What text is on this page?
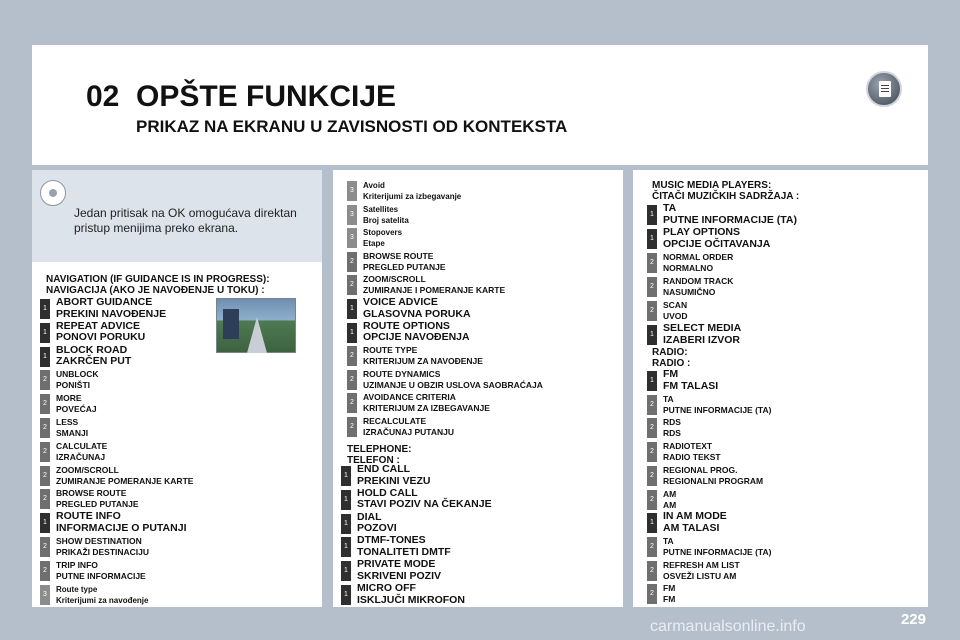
02 OPŠTE FUNKCIJE
PRIKAZ NA EKRANU U ZAVISNOSTI OD KONTEKSTA
Jedan pritisak na OK omogućava direktan pristup menijima preko ekrana.
NAVIGATION (IF GUIDANCE IS IN PROGRESS):
NAVIGACIJA (AKO JE NAVOĐENJE U TOKU) :
1
ABORT GUIDANCE
PREKINI NAVOĐENJE
1
REPEAT ADVICE
PONOVI PORUKU
1
BLOCK ROAD
ZAKRČEN PUT
2
UNBLOCK
PONIŠTI
2
MORE
POVEĆAJ
2
LESS
SMANJI
2
CALCULATE
IZRAČUNAJ
2
ZOOM/SCROLL
ZUMIRANJE POMERANJE KARTE
2
BROWSE ROUTE
PREGLED PUTANJE
1
ROUTE INFO
INFORMACIJE O PUTANJI
2
SHOW DESTINATION
PRIKAŽI DESTINACIJU
2
TRIP INFO
PUTNE INFORMACIJE
3
Route type
Kriterijumi za navođenje
3
Avoid
Kriterijumi za izbegavanje
3
Satellites
Broj satelita
3
Stopovers
Etape
2
BROWSE ROUTE
PREGLED PUTANJE
2
ZOOM/SCROLL
ZUMIRANJE I POMERANJE KARTE
1
VOICE ADVICE
GLASOVNA PORUKA
1
ROUTE OPTIONS
OPCIJE NAVOĐENJA
2
ROUTE TYPE
KRITERIJUM ZA NAVOĐENJE
2
ROUTE DYNAMICS
UZIMANJE U OBZIR USLOVA SAOBRAĆAJA
2
AVOIDANCE CRITERIA
KRITERIJUM ZA IZBEGAVANJE
2
RECALCULATE
IZRAČUNAJ PUTANJU
TELEPHONE:
TELEFON :
1
END CALL
PREKINI VEZU
1
HOLD CALL
STAVI POZIV NA ČEKANJE
1
DIAL
POZOVI
1
DTMF-TONES
TONALITETI DMTF
1
PRIVATE MODE
SKRIVENI POZIV
1
MICRO OFF
ISKLJUČI MIKROFON
MUSIC MEDIA PLAYERS:
ČITAČI MUZIČKIH SADRŽAJA :
1
TA
PUTNE INFORMACIJE (TA)
1
PLAY OPTIONS
OPCIJE OČITAVANJA
2
NORMAL ORDER
NORMALNO
2
RANDOM TRACK
NASUMIČNO
2
SCAN
UVOD
1
SELECT MEDIA
IZABERI IZVOR
RADIO:
RADIO :
1
FM
FM TALASI
2
TA
PUTNE INFORMACIJE (TA)
2
RDS
RDS
2
RADIOTEXT
RADIO TEKST
2
REGIONAL PROG.
REGIONALNI PROGRAM
2
AM
AM
1
IN AM MODE
AM TALASI
2
TA
PUTNE INFORMACIJE (TA)
2
REFRESH AM LIST
OSVEŽI LISTU AM
2
FM
FM
229
carmanualsonline.info
